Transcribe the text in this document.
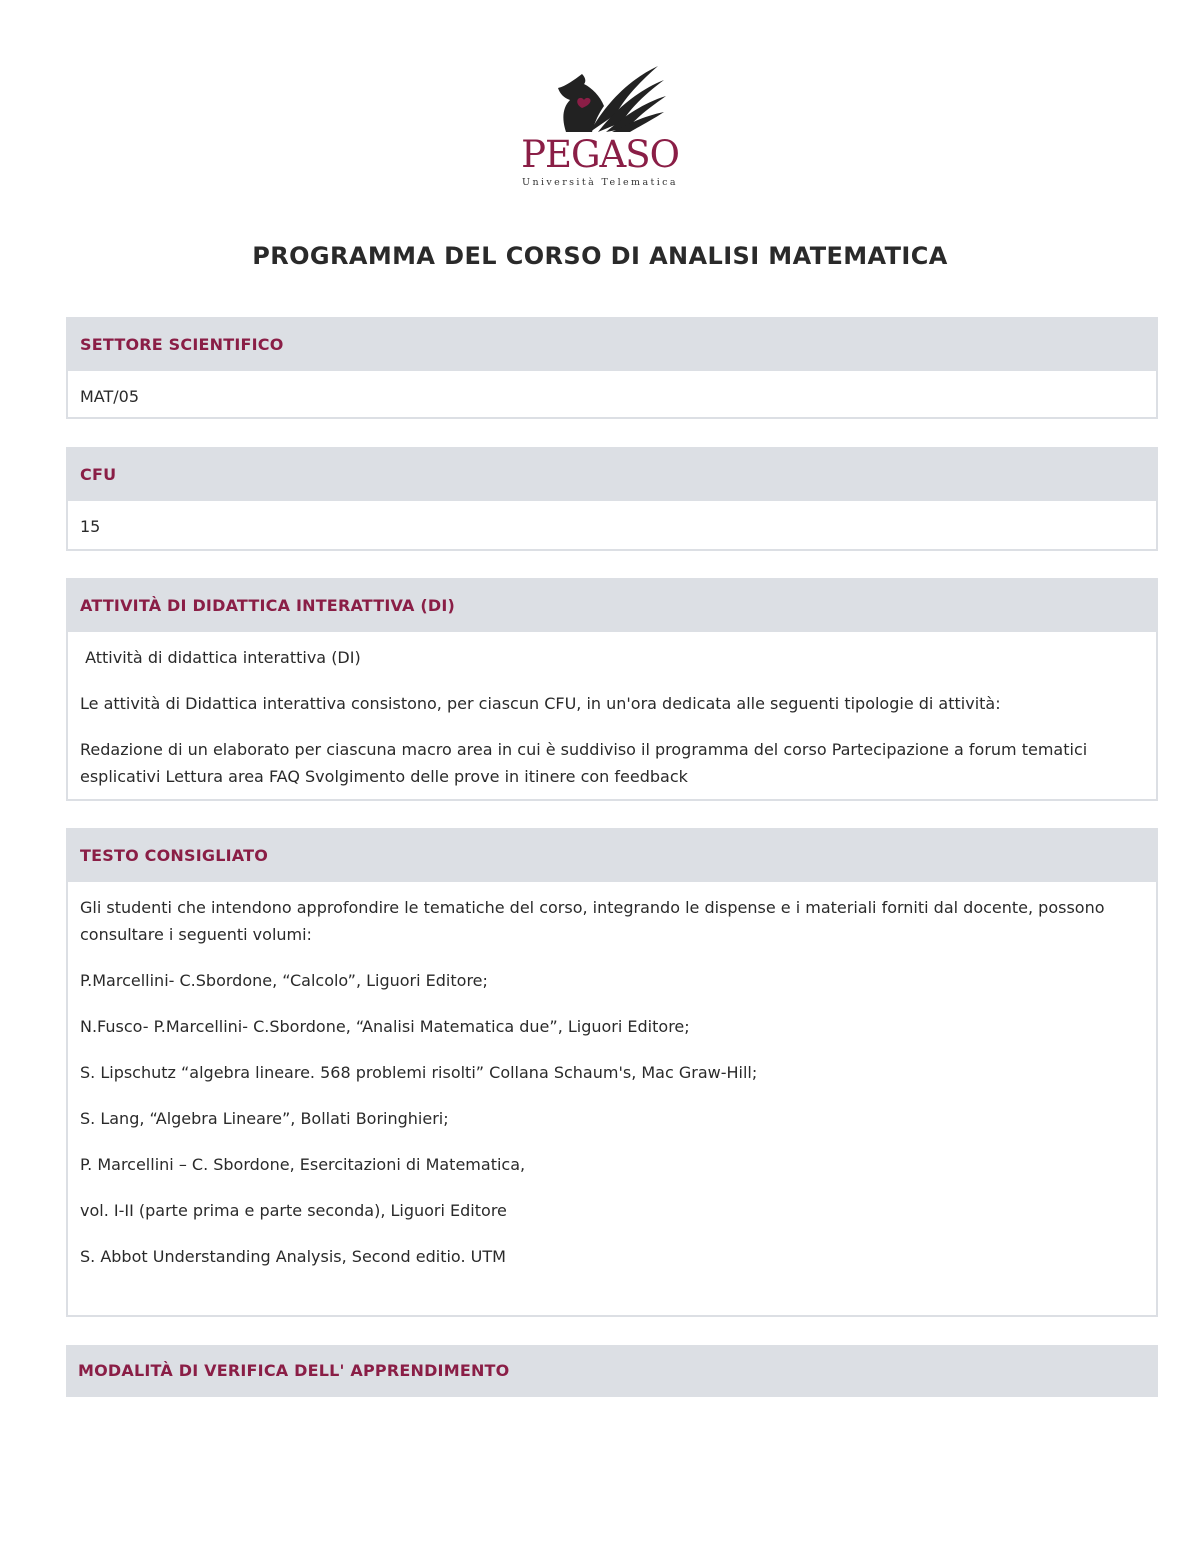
PEGASO
Università Telematica
PROGRAMMA DEL CORSO DI ANALISI MATEMATICA
SETTORE SCIENTIFICO

MAT/05

CFU

15

ATTIVITÀ DI DIDATTICA INTERATTIVA (DI)

Attività di didattica interattiva (DI)

Le attività di Didattica interattiva consistono, per ciascun CFU, in un'ora dedicata alle seguenti tipologie di attività:

Redazione di un elaborato per ciascuna macro area in cui è suddiviso il programma del corso Partecipazione a forum tematici esplicativi Lettura area FAQ Svolgimento delle prove in itinere con feedback

TESTO CONSIGLIATO

Gli studenti che intendono approfondire le tematiche del corso, integrando le dispense e i materiali forniti dal docente, possono consultare i seguenti volumi:

P.Marcellini- C.Sbordone, “Calcolo”, Liguori Editore;

N.Fusco- P.Marcellini- C.Sbordone, “Analisi Matematica due”, Liguori Editore;

S. Lipschutz “algebra lineare. 568 problemi risolti” Collana Schaum's, Mac Graw-Hill;

S. Lang, “Algebra Lineare”, Bollati Boringhieri;

P. Marcellini – C. Sbordone, Esercitazioni di Matematica,

vol. I-II (parte prima e parte seconda), Liguori Editore

S. Abbot Understanding Analysis, Second editio. UTM

MODALITÀ DI VERIFICA DELL' APPRENDIMENTO
